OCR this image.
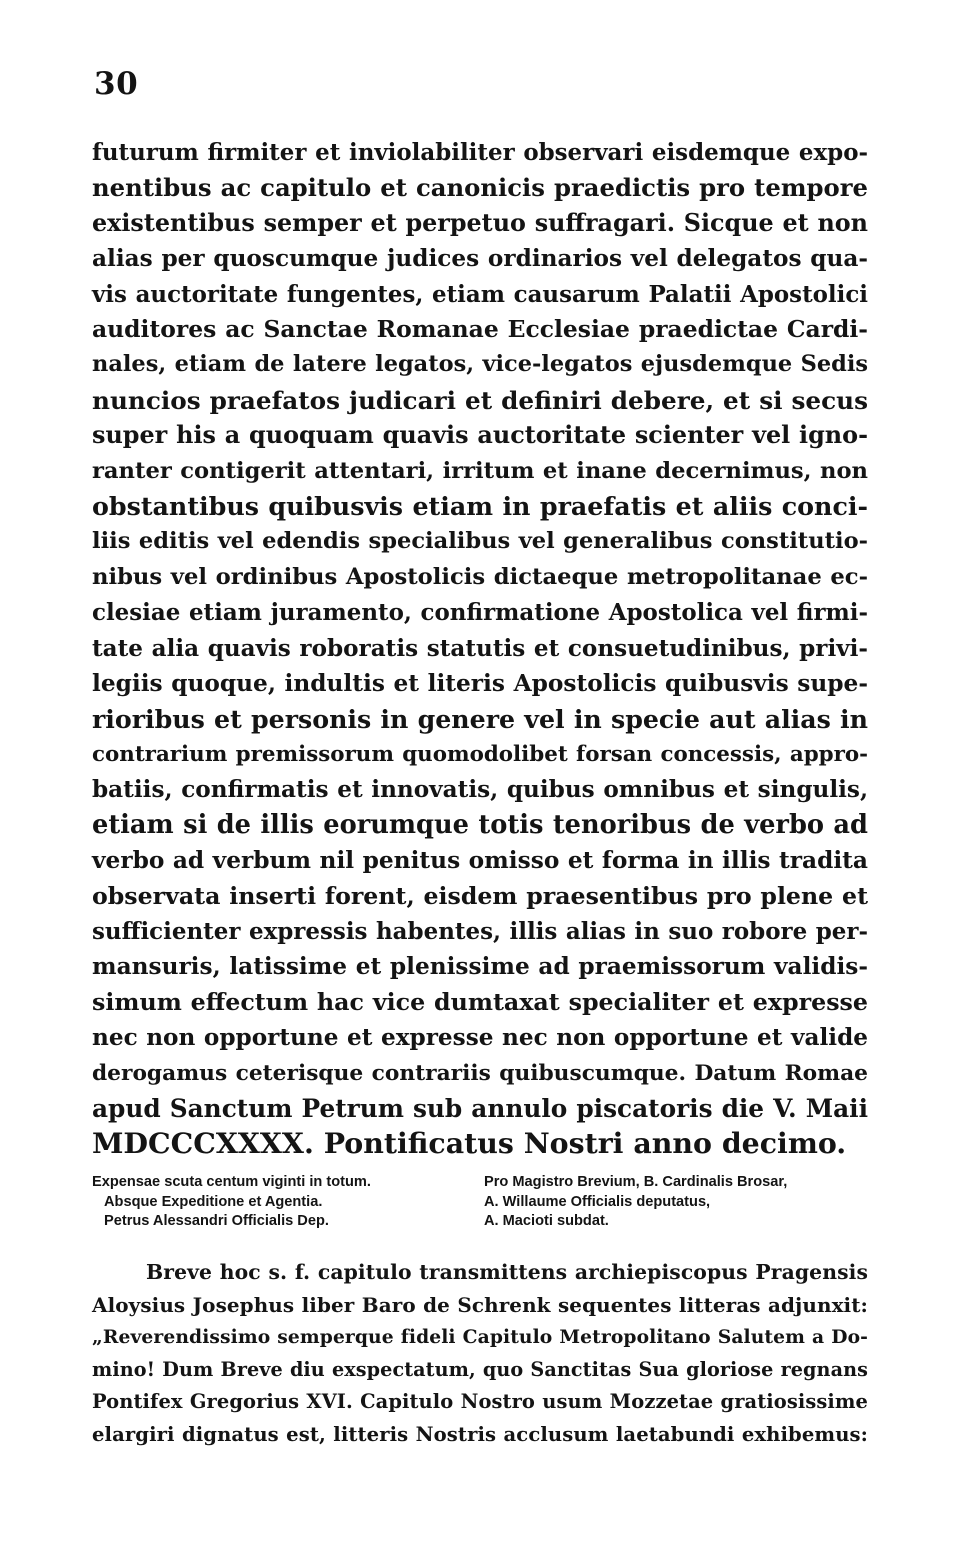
30
futurum firmiter et inviolabiliter observari eisdemque expo-
nentibus ac capitulo et canonicis praedictis pro tempore
existentibus semper et perpetuo suffragari. Sicque et non
alias per quoscumque judices ordinarios vel delegatos qua-
vis auctoritate fungentes, etiam causarum Palatii Apostolici
auditores ac Sanctae Romanae Ecclesiae praedictae Cardi-
nales, etiam de latere legatos, vice-legatos ejusdemque Sedis
nuncios praefatos judicari et definiri debere, et si secus
super his a quoquam quavis auctoritate scienter vel igno-
ranter contigerit attentari, irritum et inane decernimus, non
obstantibus quibusvis etiam in praefatis et aliis conci-
liis editis vel edendis specialibus vel generalibus constitutio-
nibus vel ordinibus Apostolicis dictaeque metropolitanae ec-
clesiae etiam juramento, confirmatione Apostolica vel firmi-
tate alia quavis roboratis statutis et consuetudinibus, privi-
legiis quoque, indultis et literis Apostolicis quibusvis supe-
rioribus et personis in genere vel in specie aut alias in
contrarium premissorum quomodolibet forsan concessis, appro-
batiis, confirmatis et innovatis, quibus omnibus et singulis,
etiam si de illis eorumque totis tenoribus de verbo ad
verbo ad verbum nil penitus omisso et forma in illis tradita
observata inserti forent, eisdem praesentibus pro plene et
sufficienter expressis habentes, illis alias in suo robore per-
mansuris, latissime et plenissime ad praemissorum validis-
simum effectum hac vice dumtaxat specialiter et expresse
nec non opportune et expresse nec non opportune et valide
derogamus ceterisque contrariis quibuscumque. Datum Romae
apud Sanctum Petrum sub annulo piscatoris die V. Maii
MDCCCXXXX. Pontificatus Nostri anno decimo.
Expensae scuta centum viginti in totum.
Absque Expeditione et Agentia.
Petrus Alessandri Officialis Dep.
Pro Magistro Brevium, B. Cardinalis Brosar,
A. Willaume Officialis deputatus,
A. Macioti subdat.
Breve hoc s. f. capitulo transmittens archiepiscopus Pragensis
Aloysius Josephus liber Baro de Schrenk sequentes litteras adjunxit:
„Reverendissimo semperque fideli Capitulo Metropolitano Salutem a Do-
mino! Dum Breve diu exspectatum, quo Sanctitas Sua gloriose regnans
Pontifex Gregorius XVI. Capitulo Nostro usum Mozzetae gratiosissime
elargiri dignatus est, litteris Nostris acclusum laetabundi exhibemus:
